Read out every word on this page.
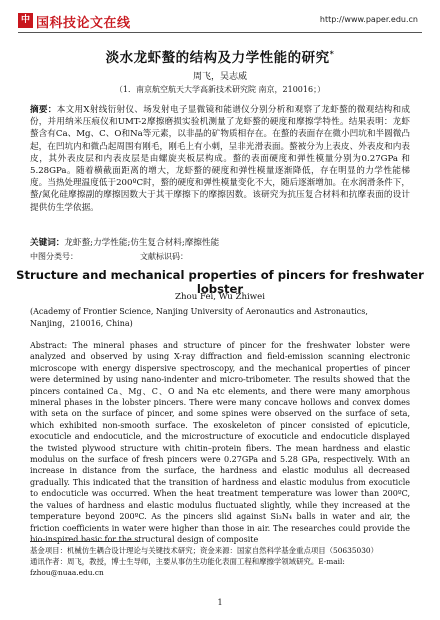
中 国科技论文在线	http://www.paper.edu.cn
淡水龙虾螯的结构及力学性能的研究*
周飞，吴志威
（1．南京航空航天大学高新技术研究院 南京，210016；）
摘要：本文用X射线衍射仪、场发射电子显微镜和能谱仪分别分析和观察了龙虾螯的微观结构和成份，并用纳米压痕仪和UMT-2摩擦磨损实验机测量了龙虾螯的硬度和摩擦学特性。结果表明：龙虾螯含有Ca、Mg、C、O和Na等元素，以非晶的矿物质相存在。在螯的表面存在微小凹坑和半圆微凸起，在凹坑内和微凸起周围有刚毛，刚毛上有小刺，呈非光滑表面。螯被分为上表皮、外表皮和内表皮，其外表皮层和内表皮层是由螺旋夹板层构成。螯的表面硬度和弹性模量分别为0.27GPa 和5.28GPa。随着横截面距离的增大，龙虾螯的硬度和弹性模量逐渐降低，存在明显的力学性能梯度。当热处理温度低于200ºC时，螯的硬度和弹性模量变化不大，随后逐渐增加。在水润滑条件下，螯/氮化硅摩擦副的摩擦因数大于其干摩擦下的摩擦因数。该研究为抗压复合材料和抗摩表面的设计提供仿生学依据。
关键词：龙虾螯;力学性能;仿生复合材料;摩擦性能
中图分类号：	文献标识码：
Structure and mechanical properties of pincers for freshwater lobster
Zhou Fei, Wu Zhiwei
(Academy of Frontier Science, Nanjing University of Aeronautics and Astronautics, Nanjing，210016, China)
Abstract: The mineral phases and structure of pincer for the freshwater lobster were analyzed and observed by using X-ray diffraction and field-emission scanning electronic microscope with energy dispersive spectroscopy, and the mechanical properties of pincer were determined by using nano-indenter and micro-tribometer. The results showed that the pincers contained Ca、Mg、C、O and Na etc elements, and there were many amorphous mineral phases in the lobster pincers. There were many concave hollows and convex domes with seta on the surface of pincer, and some spines were observed on the surface of seta, which exhibited non-smooth surface. The exoskeleton of pincer consisted of epicuticle, exocuticle and endocuticle, and the microstructure of exocuticle and endocuticle displayed the twisted plywood structure with chitin–protein fibers. The mean hardness and elastic modulus on the surface of fresh pincers were 0.27GPa and 5.28 GPa, respectively. With an increase in distance from the surface, the hardness and elastic modulus all decreased gradually. This indicated that the transition of hardness and elastic modulus from exocuticle to endocuticle was occurred. When the heat treatment temperature was lower than 200ºC, the values of hardness and elastic modulus fluctuated slightly, while they increased at the temperature beyond 200ºC. As the pincers slid against Si₃N₄ balls in water and air, the friction coefficients in water were higher than those in air. The researches could provide the bio-inspired basic for the structural design of composite
基金项目：机械仿生耦合设计理论与关键技术研究；资金来源：国家自然科学基金重点项目（50635030）
通讯作者：周飞，教授，博士生导师，主要从事仿生功能化表面工程和摩擦学领域研究。E-mail: fzhou@nuaa.edu.cn
1
